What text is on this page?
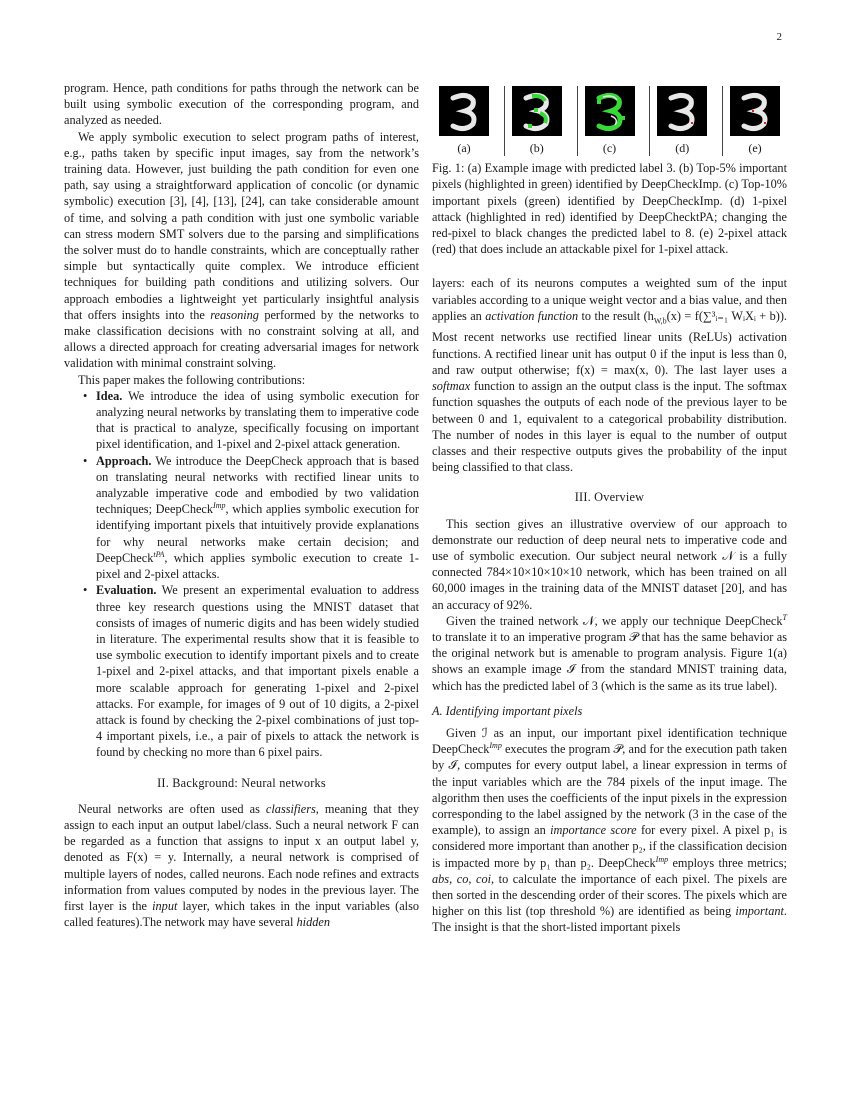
2

program. Hence, path conditions for paths through the network can be built using symbolic execution of the corresponding program, and analyzed as needed.

We apply symbolic execution to select program paths of interest, e.g., paths taken by specific input images, say from the network’s training data. However, just building the path condition for even one path, say using a straightforward application of concolic (or dynamic symbolic) execution [3], [4], [13], [24], can take considerable amount of time, and solving a path condition with just one symbolic variable can stress modern SMT solvers due to the parsing and simplifications the solver must do to handle constraints, which are conceptually rather simple but syntactically quite complex. We introduce efficient techniques for building path conditions and utilizing solvers. Our approach embodies a lightweight yet particularly insightful analysis that offers insights into the reasoning performed by the networks to make classification decisions with no constraint solving at all, and allows a directed approach for creating adversarial images for network validation with minimal constraint solving.

This paper makes the following contributions:

• Idea. We introduce the idea of using symbolic execution for analyzing neural networks by translating them to imperative code that is practical to analyze, specifically focusing on important pixel identification, and 1-pixel and 2-pixel attack generation.
• Approach. We introduce the DeepCheck approach that is based on translating neural networks with rectified linear units to analyzable imperative code and embodied by two validation techniques; DeepCheck$^{Imp}$, which applies symbolic execution for identifying important pixels that intuitively provide explanations for why neural networks make certain decision; and DeepCheck$^{tPA}$, which applies symbolic execution to create 1-pixel and 2-pixel attacks.
• Evaluation. We present an experimental evaluation to address three key research questions using the MNIST dataset that consists of images of numeric digits and has been widely studied in literature. The experimental results show that it is feasible to use symbolic execution to identify important pixels and to create 1-pixel and 2-pixel attacks, and that important pixels enable a more scalable approach for generating 1-pixel and 2-pixel attacks. For example, for images of 9 out of 10 digits, a 2-pixel attack is found by checking the 2-pixel combinations of just top-4 important pixels, i.e., a pair of pixels to attack the network is found by checking no more than 6 pixel pairs.
II. Background: Neural networks

Neural networks are often used as classifiers, meaning that they assign to each input an output label/class. Such a neural network F can be regarded as a function that assigns to input x an output label y, denoted as F(x) = y. Internally, a neural network is comprised of multiple layers of nodes, called neurons. Each node refines and extracts information from values computed by nodes in the previous layer. The first layer is the input layer, which takes in the input variables (also called features).The network may have several hidden

(a)	(b)	(c)	(d)	(e)

Fig. 1: (a) Example image with predicted label 3. (b) Top-5% important pixels (highlighted in green) identified by DeepCheckImp. (c) Top-10% important pixels (green) identified by DeepCheckImp. (d) 1-pixel attack (highlighted in red) identified by DeepChecktPA; changing the red-pixel to black changes the predicted label to 8. (e) 2-pixel attack (red) that does include an attackable pixel for 1-pixel attack.

layers: each of its neurons computes a weighted sum of the input variables according to a unique weight vector and a bias value, and then applies an activation function to the result ($h_{W,b}(x)$ = f(∑³ᵢ₌₁ WᵢXᵢ + b)). Most recent networks use rectified linear units (ReLUs) activation functions. A rectified linear unit has output 0 if the input is less than 0, and raw output otherwise; f(x) = max(x, 0). The last layer uses a softmax function to assign an the output class is the input. The softmax function squashes the outputs of each node of the previous layer to be between 0 and 1, equivalent to a categorical probability distribution. The number of nodes in this layer is equal to the number of output classes and their respective outputs gives the probability of the input being classified to that class.

III. Overview

This section gives an illustrative overview of our approach to demonstrate our reduction of deep neural nets to imperative code and use of symbolic execution. Our subject neural network 𝒩 is a fully connected 784×10×10×10×10 network, which has been trained on all 60,000 images in the training data of the MNIST dataset [20], and has an accuracy of 92%.

Given the trained network 𝒩, we apply our technique DeepCheck$^T$ to translate it to an imperative program 𝒫 that has the same behavior as the original network but is amenable to program analysis. Figure 1(a) shows an example image ℐ from the standard MNIST training data, which has the predicted label of 3 (which is the same as its true label).

A. Identifying important pixels

Given ℐ as an input, our important pixel identification technique DeepCheck$^{Imp}$ executes the program 𝒫, and for the execution path taken by ℐ, computes for every output label, a linear expression in terms of the input variables which are the 784 pixels of the input image. The algorithm then uses the coefficients of the input pixels in the expression corresponding to the label assigned by the network (3 in the case of the example), to assign an importance score for every pixel. A pixel p₁ is considered more important than another p₂, if the classification decision is impacted more by p₁ than p₂. DeepCheck$^{Imp}$ employs three metrics; abs, co, coi, to calculate the importance of each pixel. The pixels are then sorted in the descending order of their scores. The pixels which are higher on this list (top threshold %) are identified as being important. The insight is that the short-listed important pixels
